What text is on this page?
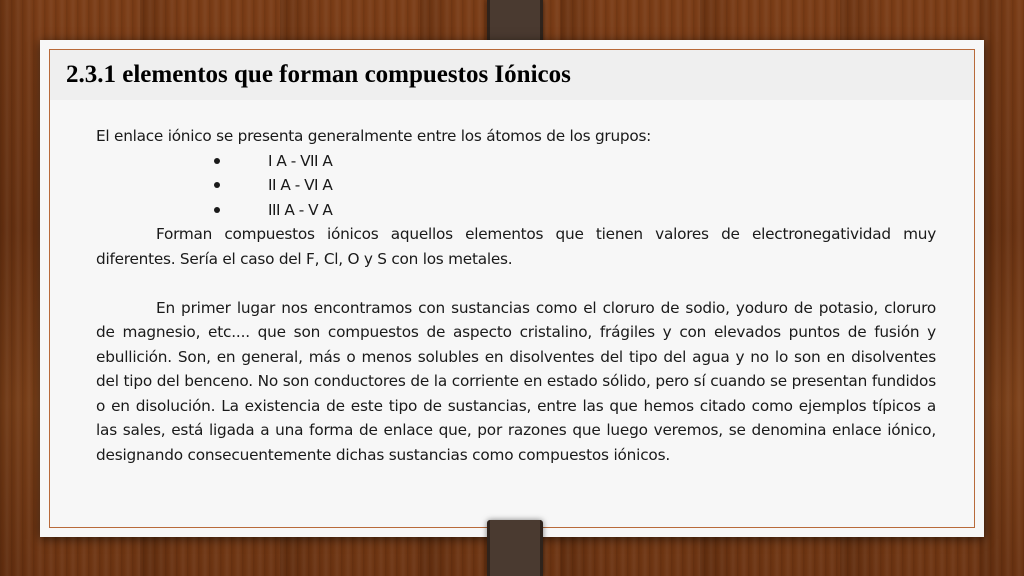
2.3.1 elementos que forman compuestos Iónicos

El enlace iónico se presenta generalmente entre los átomos de los grupos:

I A - VII A
II A - VI A
III A - V A

Forman compuestos iónicos aquellos elementos que tienen valores de electronegatividad muy diferentes. Sería el caso del F, Cl, O y S con los metales.

En primer lugar nos encontramos con sustancias como el cloruro de sodio, yoduro de potasio, cloruro de magnesio, etc.... que son compuestos de aspecto cristalino, frágiles y con elevados puntos de fusión y ebullición. Son, en general, más o menos solubles en disolventes del tipo del agua y no lo son en disolventes del tipo del benceno. No son conductores de la corriente en estado sólido, pero sí cuando se presentan fundidos o en disolución. La existencia de este tipo de sustancias, entre las que hemos citado como ejemplos típicos a las sales, está ligada a una forma de enlace que, por razones que luego veremos, se denomina enlace iónico, designando consecuentemente dichas sustancias como compuestos iónicos.
